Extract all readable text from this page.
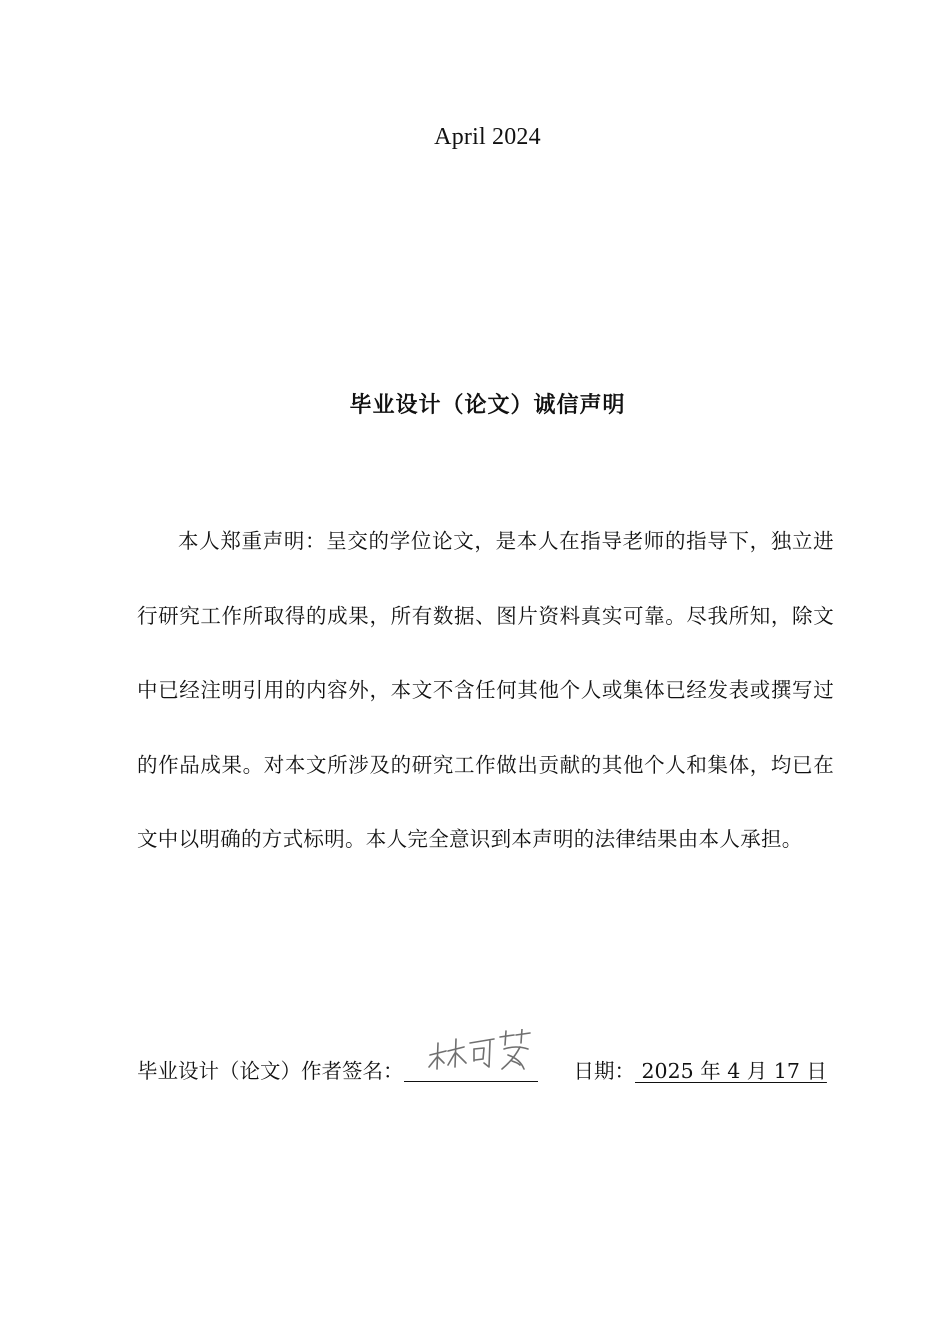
April 2024
毕业设计（论文）诚信声明

本人郑重声明：呈交的学位论文，是本人在指导老师的指导下，独立进行研究工作所取得的成果，所有数据、图片资料真实可靠。尽我所知，除文中已经注明引用的内容外，本文不含任何其他个人或集体已经发表或撰写过的作品成果。对本文所涉及的研究工作做出贡献的其他个人和集体，均已在文中以明确的方式标明。本人完全意识到本声明的法律结果由本人承担。

毕业设计（论文）作者签名：	日期： 2025 年 4 月 17 日
